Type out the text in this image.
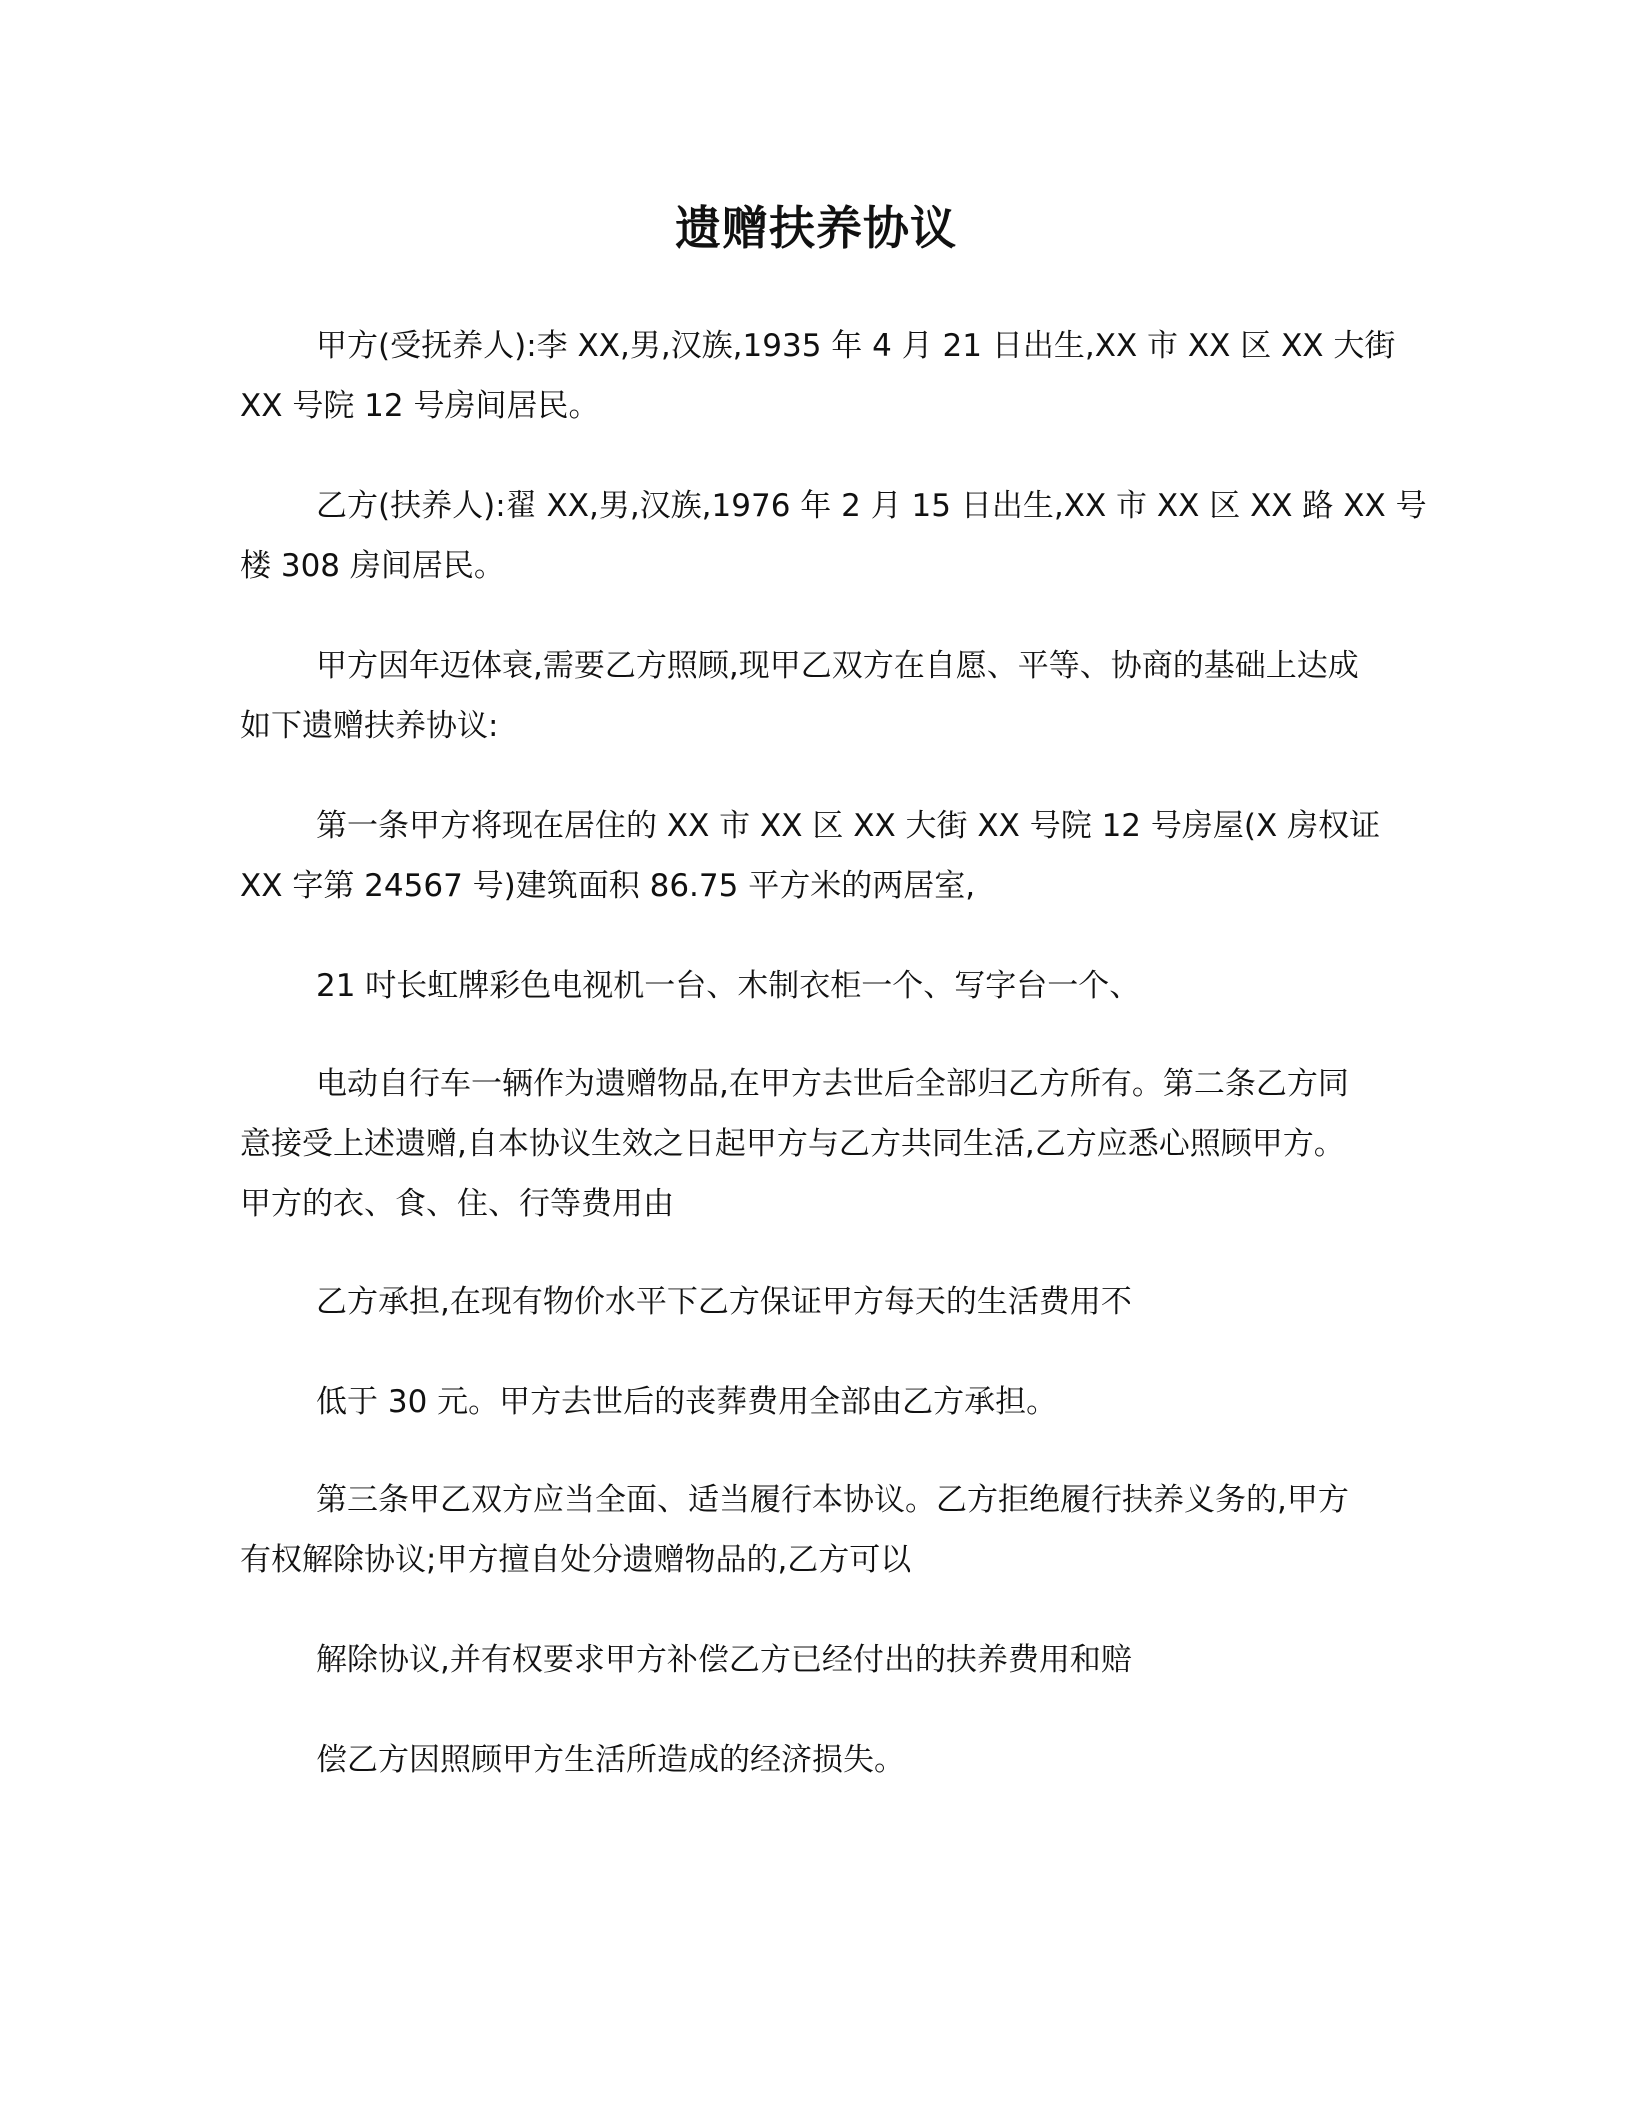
遗赠扶养协议
甲方(受抚养人):李 XX,男,汉族,1935 年 4 月 21 日出生,XX 市 XX 区 XX 大街
XX 号院 12 号房间居民。
乙方(扶养人):翟 XX,男,汉族,1976 年 2 月 15 日出生,XX 市 XX 区 XX 路 XX 号
楼 308 房间居民。
甲方因年迈体衰,需要乙方照顾,现甲乙双方在自愿、平等、协商的基础上达成
如下遗赠扶养协议:
第一条甲方将现在居住的 XX 市 XX 区 XX 大街 XX 号院 12 号房屋(X 房权证
XX 字第 24567 号)建筑面积 86.75 平方米的两居室,
21 吋长虹牌彩色电视机一台、木制衣柜一个、写字台一个、
电动自行车一辆作为遗赠物品,在甲方去世后全部归乙方所有。第二条乙方同
意接受上述遗赠,自本协议生效之日起甲方与乙方共同生活,乙方应悉心照顾甲方。
甲方的衣、食、住、行等费用由
乙方承担,在现有物价水平下乙方保证甲方每天的生活费用不
低于 30 元。甲方去世后的丧葬费用全部由乙方承担。
第三条甲乙双方应当全面、适当履行本协议。乙方拒绝履行扶养义务的,甲方
有权解除协议;甲方擅自处分遗赠物品的,乙方可以
解除协议,并有权要求甲方补偿乙方已经付出的扶养费用和赔
偿乙方因照顾甲方生活所造成的经济损失。
